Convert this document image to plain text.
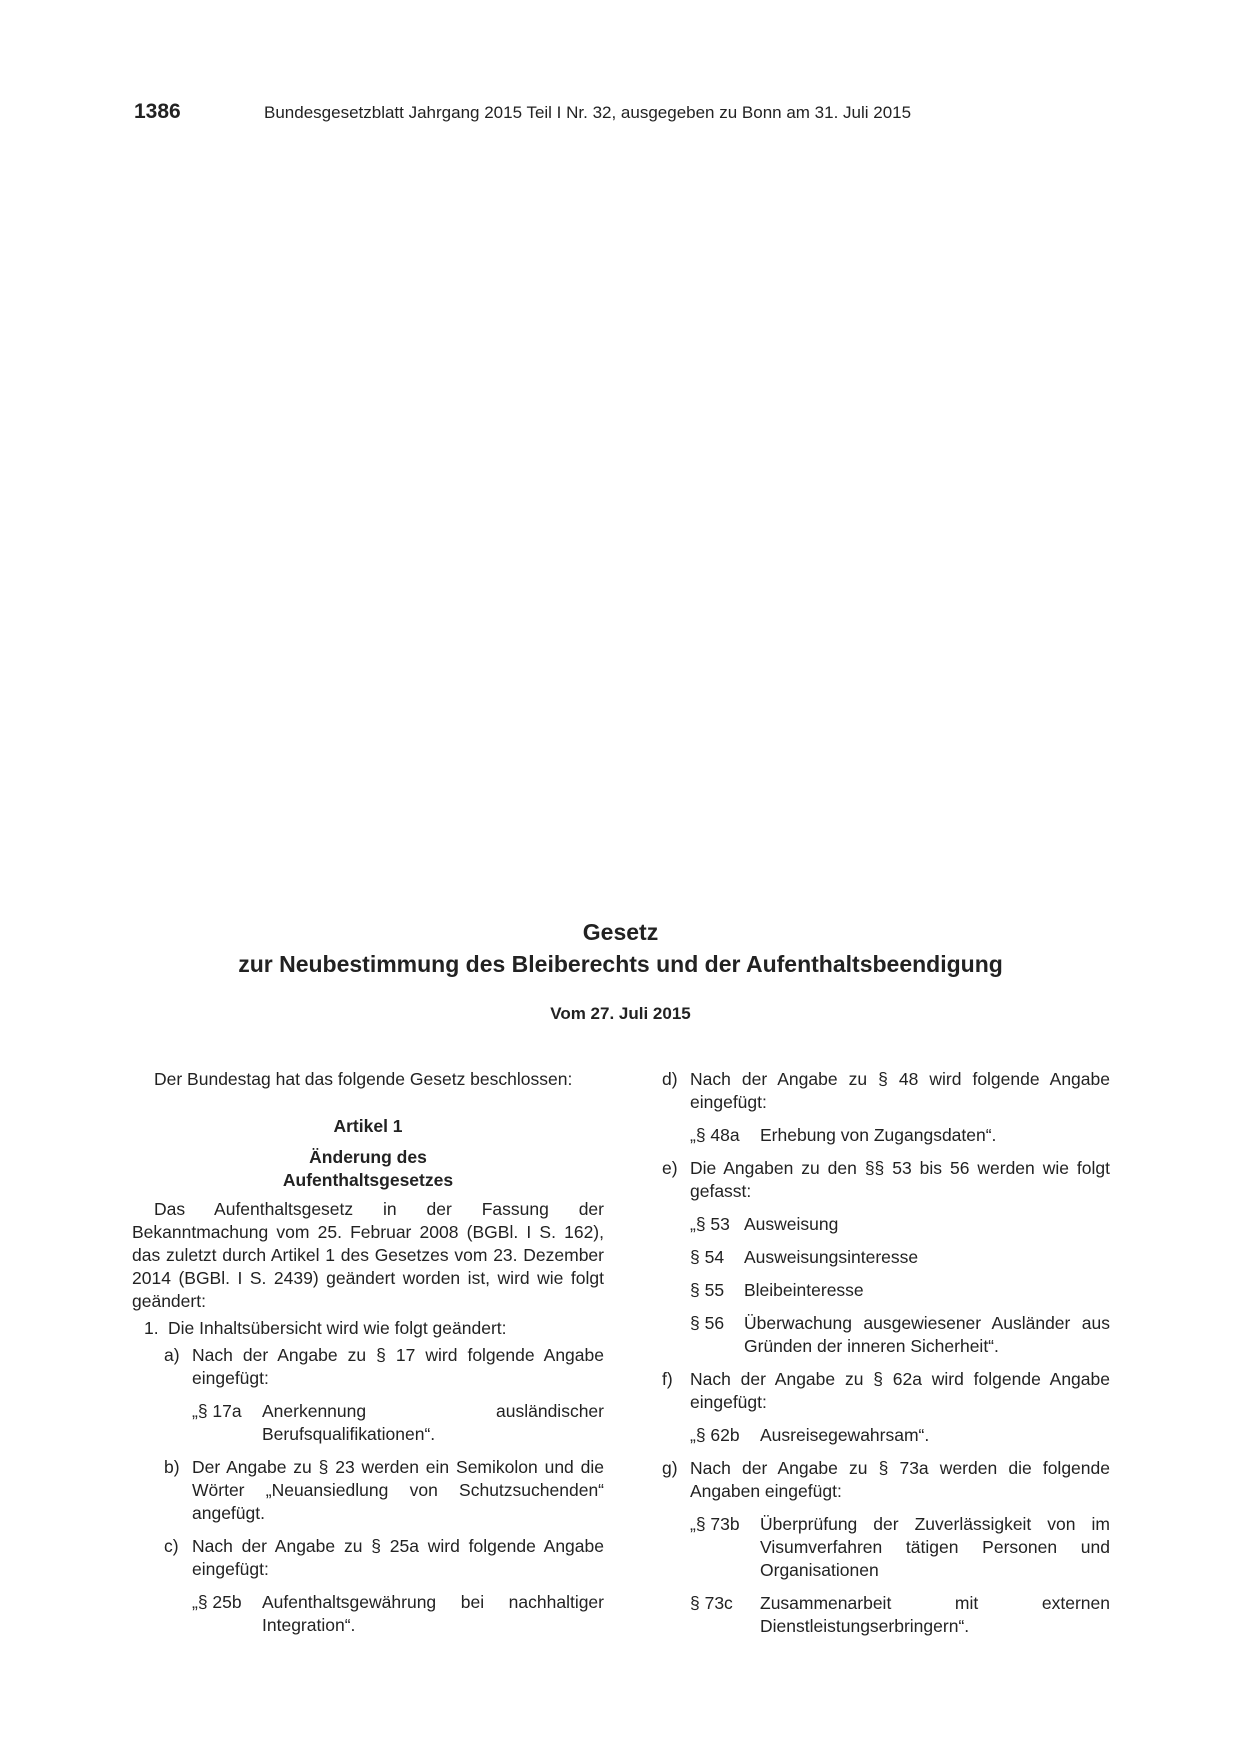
1386	Bundesgesetzblatt Jahrgang 2015 Teil I Nr. 32, ausgegeben zu Bonn am 31. Juli 2015

Gesetz

zur Neubestimmung des Bleiberechts und der Aufenthaltsbeendigung

Vom 27. Juli 2015

Der Bundestag hat das folgende Gesetz beschlossen:

Artikel 1

Änderung des

Aufenthaltsgesetzes

Das Aufenthaltsgesetz in der Fassung der Bekanntmachung vom 25. Februar 2008 (BGBl. I S. 162), das zuletzt durch Artikel 1 des Gesetzes vom 23. Dezember 2014 (BGBl. I S. 2439) geändert worden ist, wird wie folgt geändert:

1. Die Inhaltsübersicht wird wie folgt geändert:
a) Nach der Angabe zu § 17 wird folgende Angabe eingefügt:
„§ 17a	Anerkennung ausländischer Berufsqualifikationen“.
b) Der Angabe zu § 23 werden ein Semikolon und die Wörter „Neuansiedlung von Schutzsuchenden“ angefügt.
c) Nach der Angabe zu § 25a wird folgende Angabe eingefügt:
„§ 25b	Aufenthaltsgewährung bei nachhaltiger Integration“.
d) Nach der Angabe zu § 48 wird folgende Angabe eingefügt:
„§ 48a	Erhebung von Zugangsdaten“.
e) Die Angaben zu den §§ 53 bis 56 werden wie folgt gefasst:
„§ 53 Ausweisung
§ 54	Ausweisungsinteresse
§ 55	Bleibeinteresse
§ 56	Überwachung ausgewiesener Ausländer aus Gründen der inneren Sicherheit“.
f) Nach der Angabe zu § 62a wird folgende Angabe eingefügt:
„§ 62b	Ausreisegewahrsam“.
g) Nach der Angabe zu § 73a werden die folgende Angaben eingefügt:
„§ 73b	Überprüfung der Zuverlässigkeit von im Visumverfahren tätigen Personen und Organisationen
§ 73c	Zusammenarbeit mit externen Dienstleistungserbringern“.
